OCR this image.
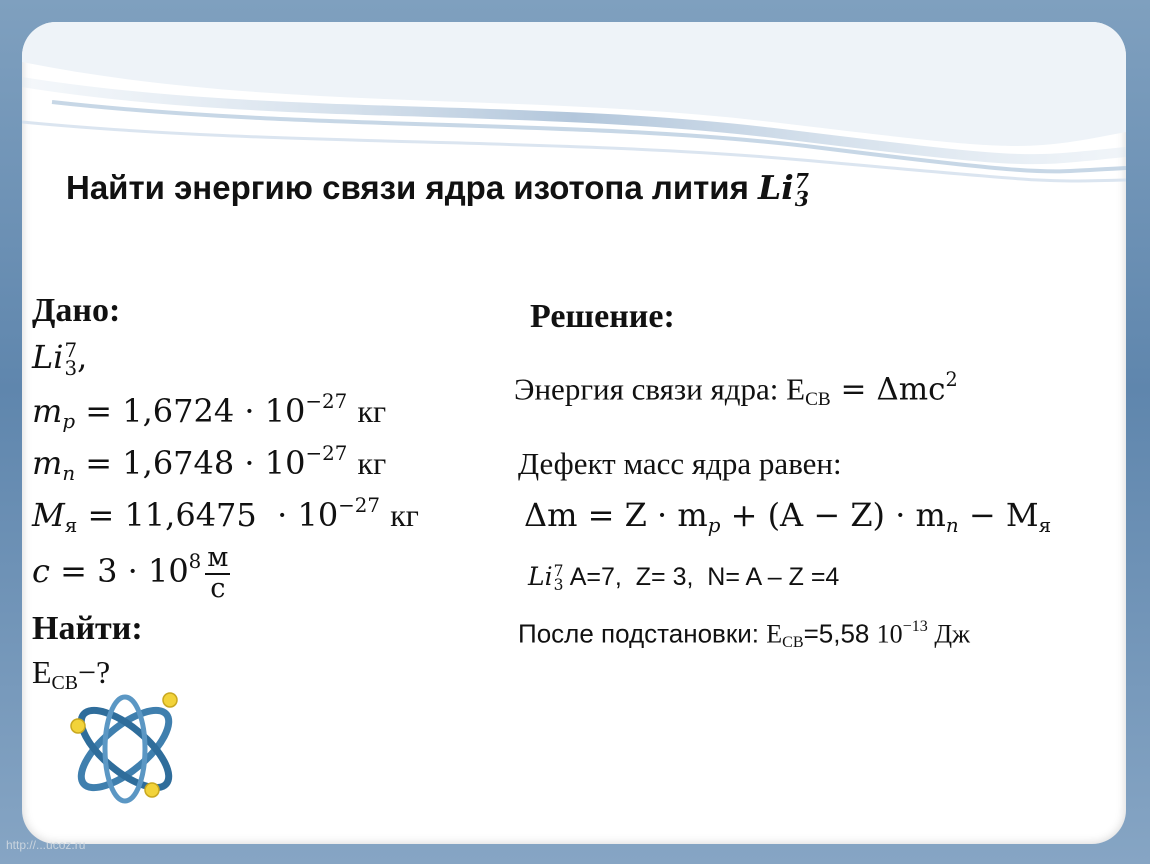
Найти энергию связи ядра изотопа лития Li 7
3
Дано:
Li 7
3 ,
$m_p = 1,6724 \cdot 10^{-27}$ кг
$m_n = 1,6748 \cdot 10^{-27}$ кг
$M_я = 11,6475 \cdot 10^{-27}$ кг
$c = 3 \cdot 10^8 \frac{м}{с}$
Найти:
$E_{СВ}-$?
Решение:
Энергия связи ядра: $E_{СВ} = \Delta mc^2$
Дефект масс ядра равен:
$\Delta m = Z \cdot m_p + (A - Z) \cdot m_n - M_я$
Li 7
3 A=7,  Z= 3,  N= A – Z =4
После подстановки: $E_{СВ}=5,58$ $10^{-13}$ Дж
http://...ucoz.ru
